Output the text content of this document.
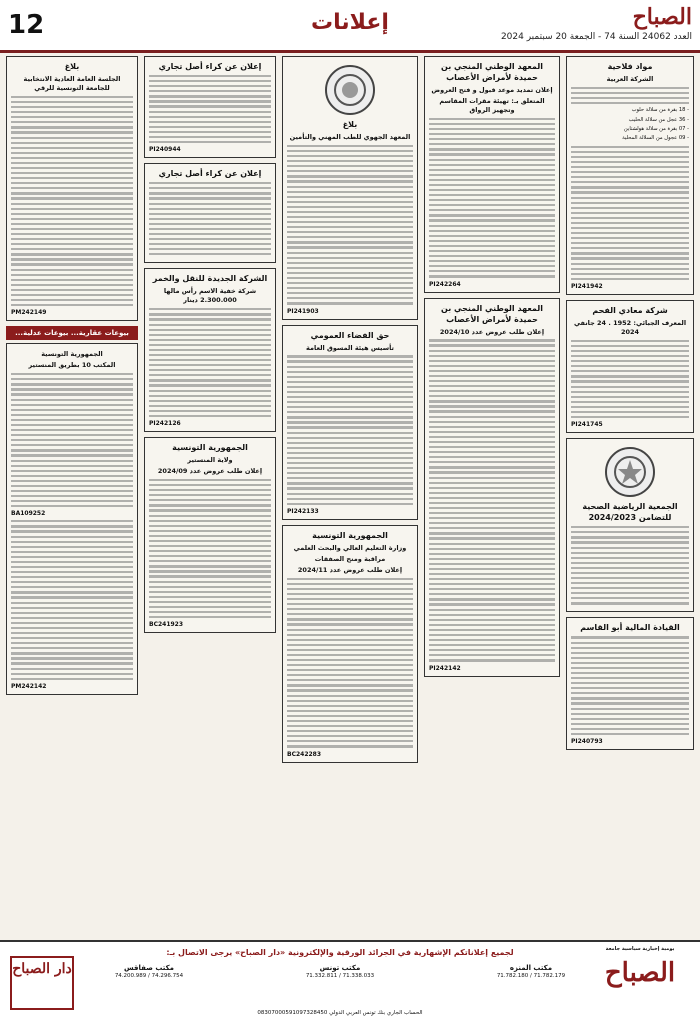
12	إعلانات	الصباح
العدد 24062 السنة 74 - الجمعة 20 سبتمبر 2024
مواد فلاحية
الشركة العربية

- 18 بقرة من سلالة حلوب

- 36 عجل من سلالة الحليب

- 07 بقرة من سلالة هولشتاين

- 09 عجول من السلالة المحلية

PI241942
شركة معادي الفحم
المعرف الجبائي: 1952 . 24 جانفي 2024
PI241745
الجمعية الرياضية الصحية للتضامن 2024/2023
القيادة المالية أبو القاسم
PI240793
المعهد الوطني المنجي بن حميدة لأمراض الأعصاب
إعلان تمديد موعد قبول و فتح العروض
المتعلق بـ: تهيئة مقرات المقاسم وتجهيز الرواق
PI242264
المعهد الوطني المنجي بن حميدة لأمراض الأعصاب
إعلان طلب عروض عدد 2024/10
PI242142
بلاغ
المعهد الجهوي للطب المهني والتأمين
PI241903
حق الفضاء العمومي
تأسيس هيئة المسوق العامة
PI242133
الجمهورية التونسية
وزارة التعليم العالي والبحث العلمي
مراقبة ومنح الصفقات
إعلان طلب عروض عدد 2024/11
BC242283
إعلان عن كراء أصل تجاري
PI240944
إعلان عن كراء أصل تجاري
الشركة الجديدة للنقل والخمر
شركة خفية الاسم رأس مالها 2.300.000 دينار
PI242126
الجمهورية التونسية
ولاية المنستير
إعلان طلب عروض عدد 2024/09
BC241923
بلاغ
الجلسة العامة العادية الانتخابية للجامعة التونسية للرقي
PM242149
بيوعات عقارية... بيوعات عدلية...
الجمهورية التونسية
المكتب 10 بطريق المنستير
BA109252
PM242142
يومية إخبارية سياسية جامعة
الصباح
دار الصباح
لجميع إعلاناتكم الإشهارية في الجرائد الورقية والإلكترونية «دار الصباح» يرجى الاتصال بـ:
مكتب المنزه
71.782.179 / 71.782.180
مكتب تونس
71.338.033 / 71.332.811
مكتب صفاقس
74.296.754 / 74.200.989
الحساب الجاري بنك تونس العربي الدولي 08307000591097328450
